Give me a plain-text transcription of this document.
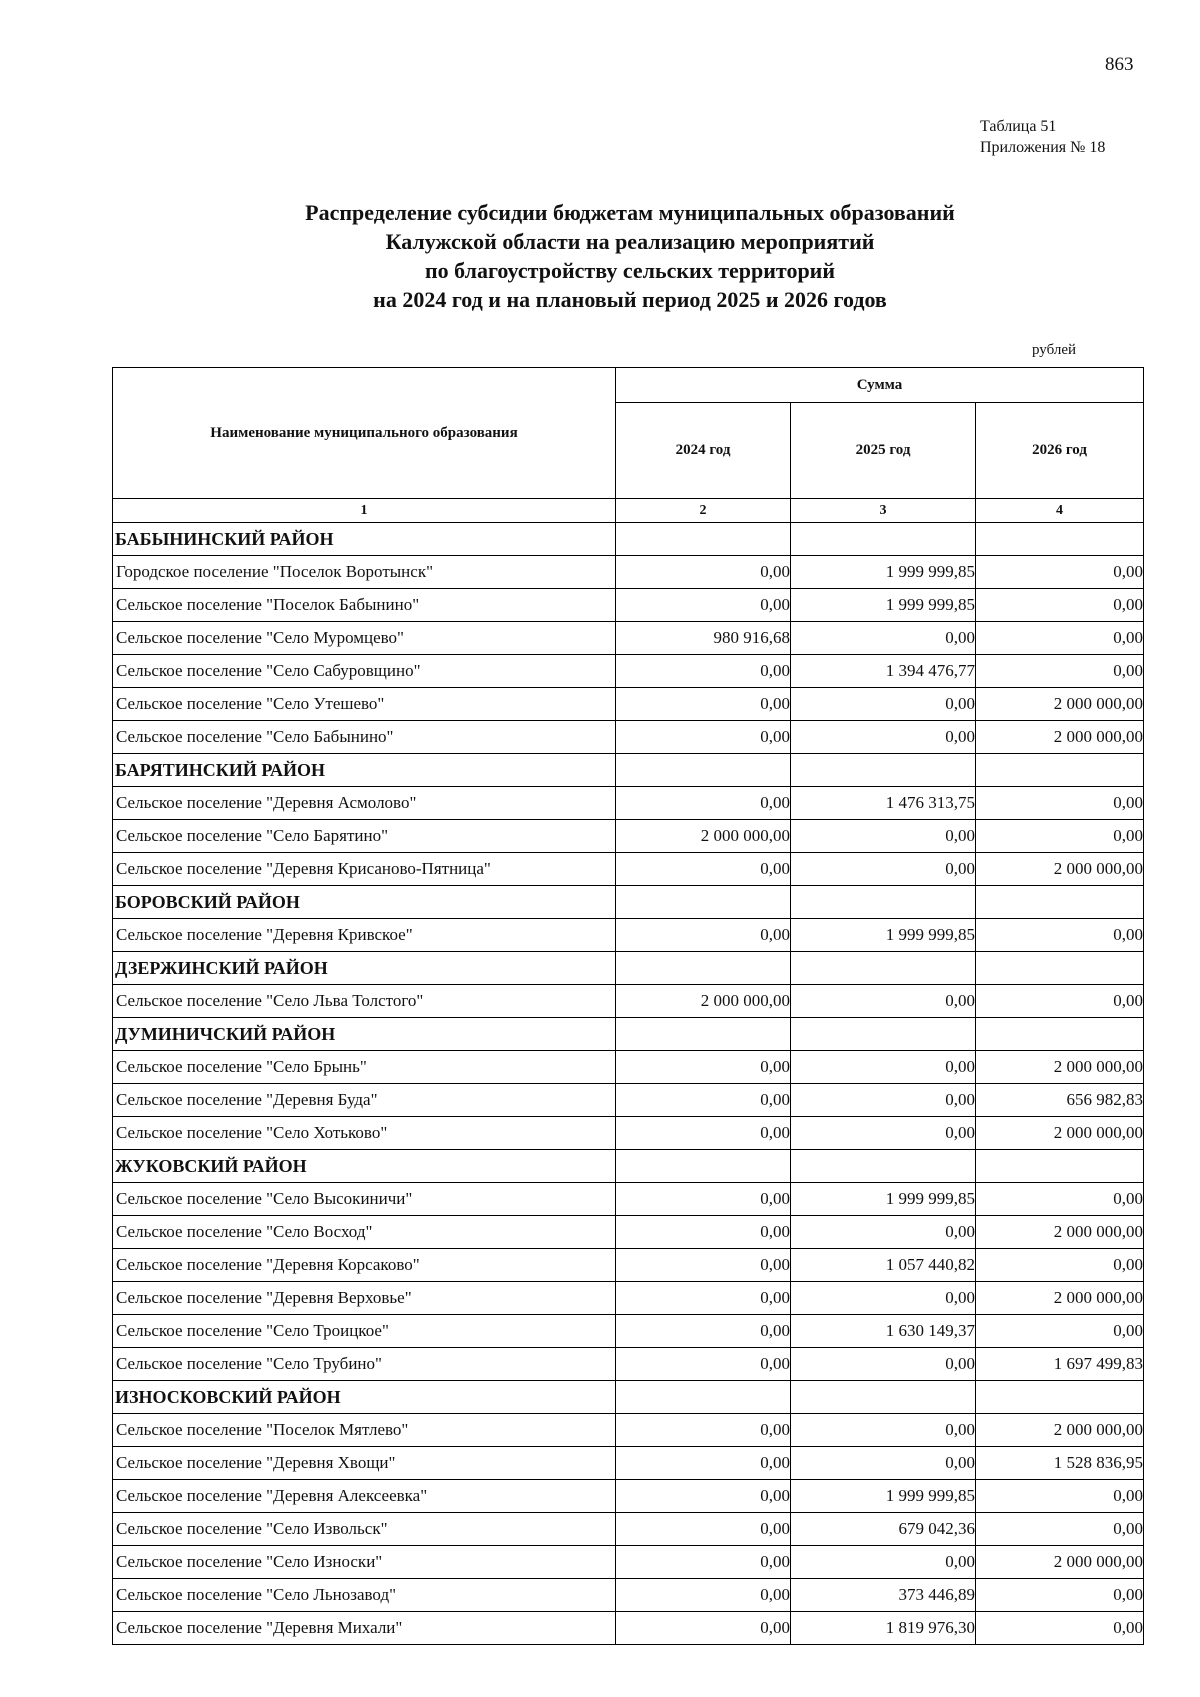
863
Таблица 51
Приложения № 18
Распределение субсидии бюджетам муниципальных образований
Калужской области на реализацию мероприятий
по благоустройству сельских территорий
на 2024 год и на плановый период 2025 и 2026 годов
рублей
Наименование муниципального образования	Сумма		
	2024 год	2025 год	2026 год
1	2	3	4
БАБЫНИНСКИЙ РАЙОН			
Городское поселение "Поселок Воротынск"	0,00	1 999 999,85	0,00
Сельское поселение "Поселок Бабынино"	0,00	1 999 999,85	0,00
Сельское поселение "Село Муромцево"	980 916,68	0,00	0,00
Сельское поселение "Село Сабуровщино"	0,00	1 394 476,77	0,00
Сельское поселение "Село Утешево"	0,00	0,00	2 000 000,00
Сельское поселение "Село Бабынино"	0,00	0,00	2 000 000,00
БАРЯТИНСКИЙ РАЙОН			
Сельское поселение "Деревня Асмолово"	0,00	1 476 313,75	0,00
Сельское поселение "Село Барятино"	2 000 000,00	0,00	0,00
Сельское поселение "Деревня Крисаново-Пятница"	0,00	0,00	2 000 000,00
БОРОВСКИЙ РАЙОН			
Сельское поселение "Деревня Кривское"	0,00	1 999 999,85	0,00
ДЗЕРЖИНСКИЙ РАЙОН			
Сельское поселение "Село Льва Толстого"	2 000 000,00	0,00	0,00
ДУМИНИЧСКИЙ РАЙОН			
Сельское поселение "Село Брынь"	0,00	0,00	2 000 000,00
Сельское поселение "Деревня Буда"	0,00	0,00	656 982,83
Сельское поселение "Село Хотьково"	0,00	0,00	2 000 000,00
ЖУКОВСКИЙ РАЙОН			
Сельское поселение "Село Высокиничи"	0,00	1 999 999,85	0,00
Сельское поселение "Село Восход"	0,00	0,00	2 000 000,00
Сельское поселение "Деревня Корсаково"	0,00	1 057 440,82	0,00
Сельское поселение "Деревня Верховье"	0,00	0,00	2 000 000,00
Сельское поселение "Село Троицкое"	0,00	1 630 149,37	0,00
Сельское поселение "Село Трубино"	0,00	0,00	1 697 499,83
ИЗНОСКОВСКИЙ РАЙОН			
Сельское поселение "Поселок Мятлево"	0,00	0,00	2 000 000,00
Сельское поселение "Деревня Хвощи"	0,00	0,00	1 528 836,95
Сельское поселение "Деревня Алексеевка"	0,00	1 999 999,85	0,00
Сельское поселение "Село Извольск"	0,00	679 042,36	0,00
Сельское поселение "Село Износки"	0,00	0,00	2 000 000,00
Сельское поселение "Село Льнозавод"	0,00	373 446,89	0,00
Сельское поселение "Деревня Михали"	0,00	1 819 976,30	0,00
